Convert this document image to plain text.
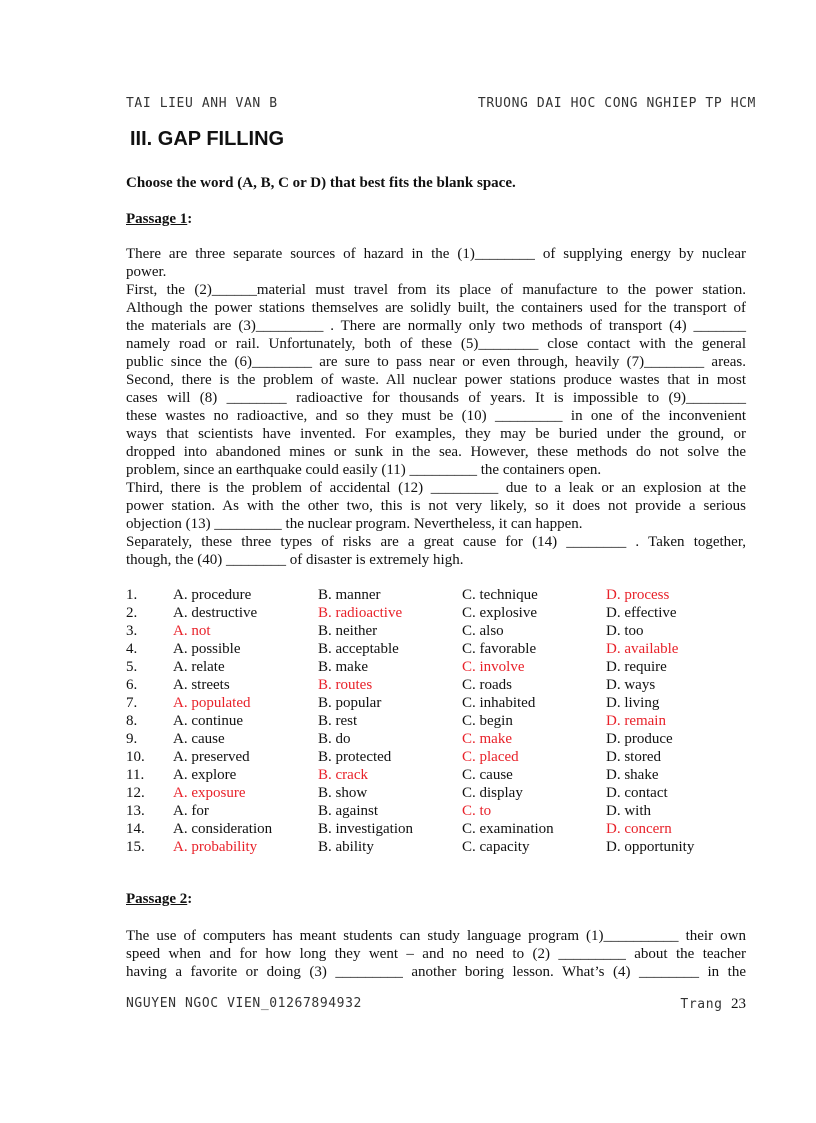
TAI LIEU ANH VAN B	TRUONG DAI HOC CONG NGHIEP TP HCM
III. GAP FILLING
Choose the word (A, B, C or D) that best fits the blank space.
Passage 1:
There are three separate sources of hazard in the (1)________ of supplying energy by nuclear
power.
First, the (2)______material must travel from its place of manufacture to the power station.
Although the power stations themselves are solidly built, the containers used for the transport of
the materials are (3)_________ . There are normally only two methods of transport (4) _______
namely road or rail. Unfortunately, both of these (5)________ close contact with the general
public since the (6)________ are sure to pass near or even through, heavily (7)________ areas.
Second, there is the problem of waste. All nuclear power stations produce wastes that in most
cases will (8) ________ radioactive for thousands of years. It is impossible to (9)________
these wastes no radioactive, and so they must be (10) _________ in one of the inconvenient
ways that scientists have invented. For examples, they may be buried under the ground, or
dropped into abandoned mines or sunk in the sea. However, these methods do not solve the
problem, since an earthquake could easily (11) _________ the containers open.
Third, there is the problem of accidental (12) _________ due to a leak or an explosion at the
power station. As with the other two, this is not very likely, so it does not provide a serious
objection (13) _________ the nuclear program. Nevertheless, it can happen.
Separately, these three types of risks are a great cause for (14) ________ . Taken together,
though, the (40) ________ of disaster is extremely high.
1. A. procedure	B. manner	C. technique	D. process
2. A. destructive	B. radioactive	C. explosive	D. effective
3. A. not	B. neither	C. also	D. too
4. A. possible	B. acceptable	C. favorable	D. available
5. A. relate	B. make	C. involve	D. require
6. A. streets	B. routes	C. roads	D. ways
7. A. populated	B. popular	C. inhabited	D. living
8. A. continue	B. rest	C. begin	D. remain
9. A. cause	B. do	C. make	D. produce
10. A. preserved	B. protected	C. placed	D. stored
11. A. explore	B. crack	C. cause	D. shake
12. A. exposure	B. show	C. display	D. contact
13. A. for	B. against	C. to	D. with
14. A. consideration	B. investigation	C. examination	D. concern
15. A. probability	B. ability	C. capacity	D. opportunity
Passage 2:
The use of computers has meant students can study language program (1)__________ their own
speed when and for how long they went – and no need to (2) _________ about the teacher
having a favorite or doing (3) _________ another boring lesson. What’s (4) ________ in the
NGUYEN NGOC VIEN_01267894932	Trang 23
